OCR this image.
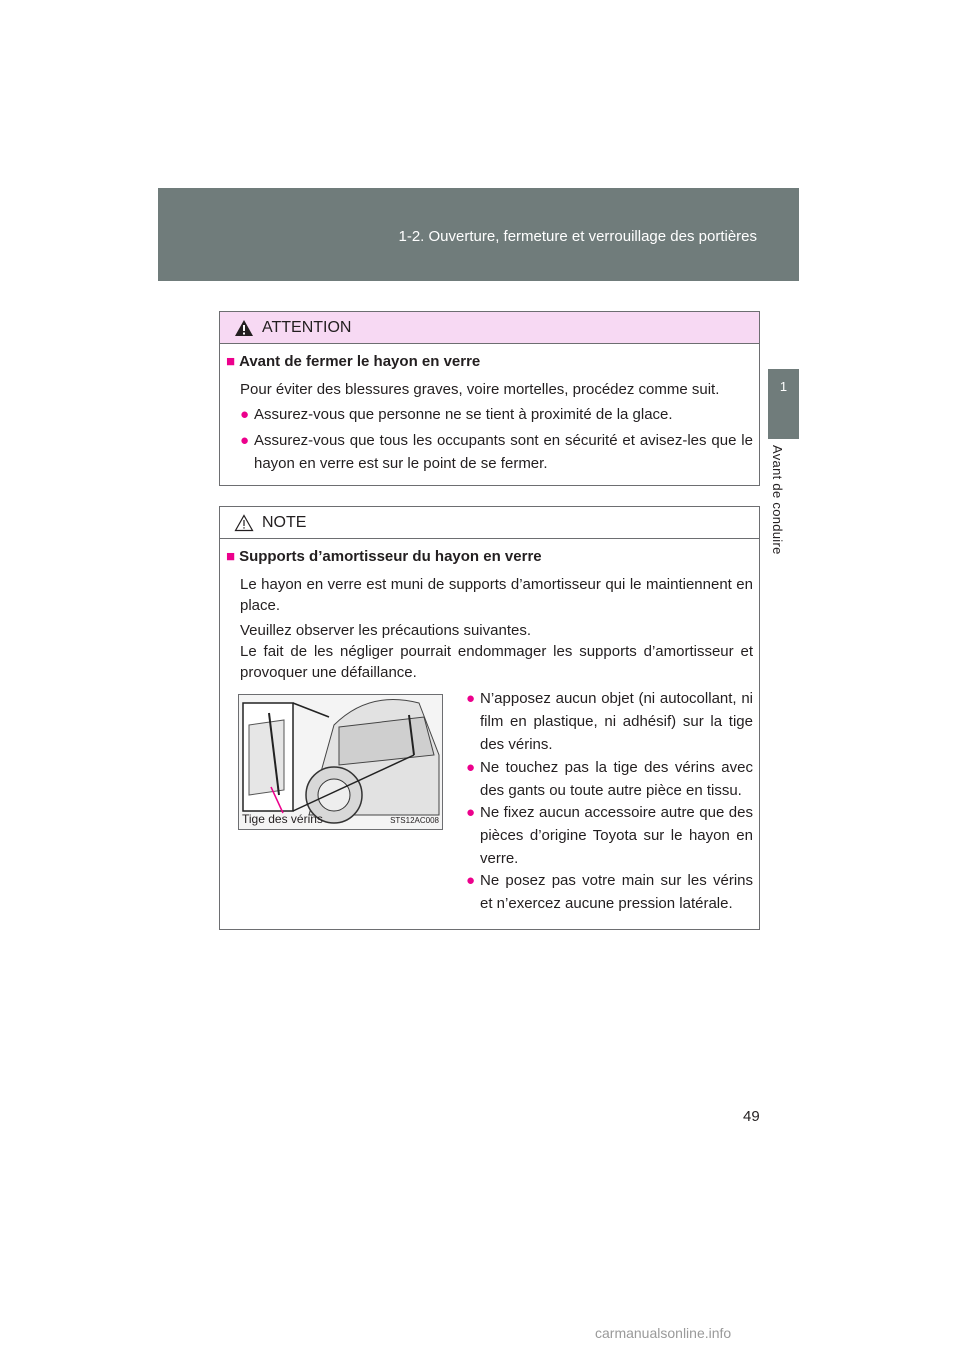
1-2. Ouverture, fermeture et verrouillage des portières
1
Avant de conduire
ATTENTION
■ Avant de fermer le hayon en verre
Pour éviter des blessures graves, voire mortelles, procédez comme suit.
● Assurez-vous que personne ne se tient à proximité de la glace.
● Assurez-vous que tous les occupants sont en sécurité et avisez-les que le hayon en verre est sur le point de se fermer.
NOTE
■ Supports d’amortisseur du hayon en verre
Le hayon en verre est muni de supports d’amortisseur qui le maintiennent en place.
Veuillez observer les précautions suivantes.
Le fait de les négliger pourrait endommager les supports d’amortisseur et provoquer une défaillance.
Tige des vérins	STS12AC008
● N’apposez aucun objet (ni autocollant, ni film en plastique, ni adhésif) sur la tige des vérins.
● Ne touchez pas la tige des vérins avec des gants ou toute autre pièce en tissu.
● Ne fixez aucun accessoire autre que des pièces d’origine Toyota sur le hayon en verre.
● Ne posez pas votre main sur les vérins et n’exercez aucune pression latérale.
49
carmanualsonline.info
